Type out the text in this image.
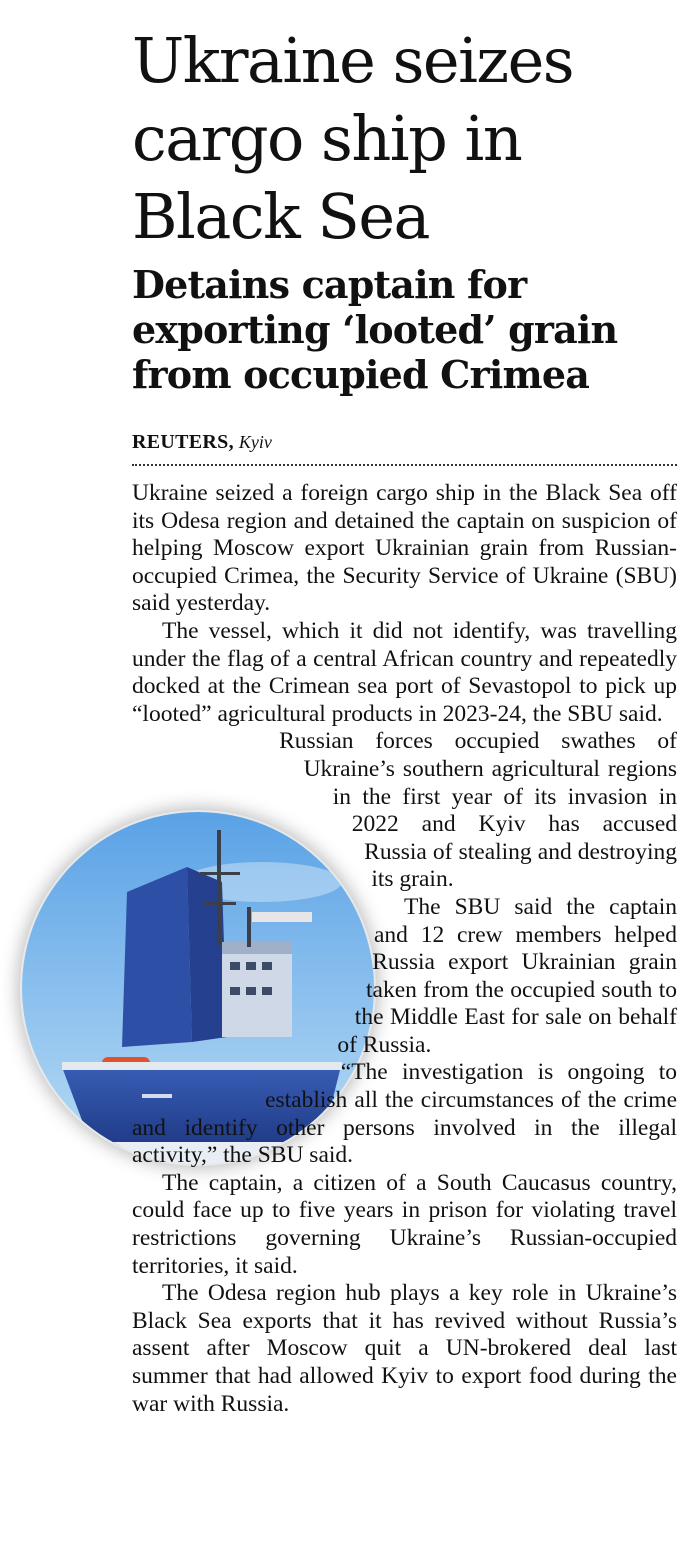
Ukraine seizes cargo ship in Black Sea
Detains captain for exporting ‘looted’ grain from occupied Crimea
REUTERS, Kyiv

Ukraine seized a foreign cargo ship in the Black Sea off its Odesa region and detained the captain on suspicion of helping Moscow export Ukrainian grain from Russian-occupied Crimea, the Security Service of Ukraine (SBU) said yesterday.

The vessel, which it did not identify, was travelling under the flag of a central African country and repeatedly docked at the Crimean sea port of Sevastopol to pick up “looted” agricultural products in 2023-24, the SBU said.

Russian forces occupied swathes of Ukraine’s southern agricultural regions in the first year of its invasion in 2022 and Kyiv has accused Russia of stealing and destroying its grain.

The SBU said the captain and 12 crew members helped Russia export Ukrainian grain taken from the occupied south to the Middle East for sale on behalf of Russia.

“The investigation is ongoing to establish all the circumstances of the crime and identify other persons involved in the illegal activity,” the SBU said.

The captain, a citizen of a South Caucasus country, could face up to five years in prison for violating travel restrictions governing Ukraine’s Russian-occupied territories, it said.

The Odesa region hub plays a key role in Ukraine’s Black Sea exports that it has revived without Russia’s assent after Moscow quit a UN-brokered deal last summer that had allowed Kyiv to export food during the war with Russia.
